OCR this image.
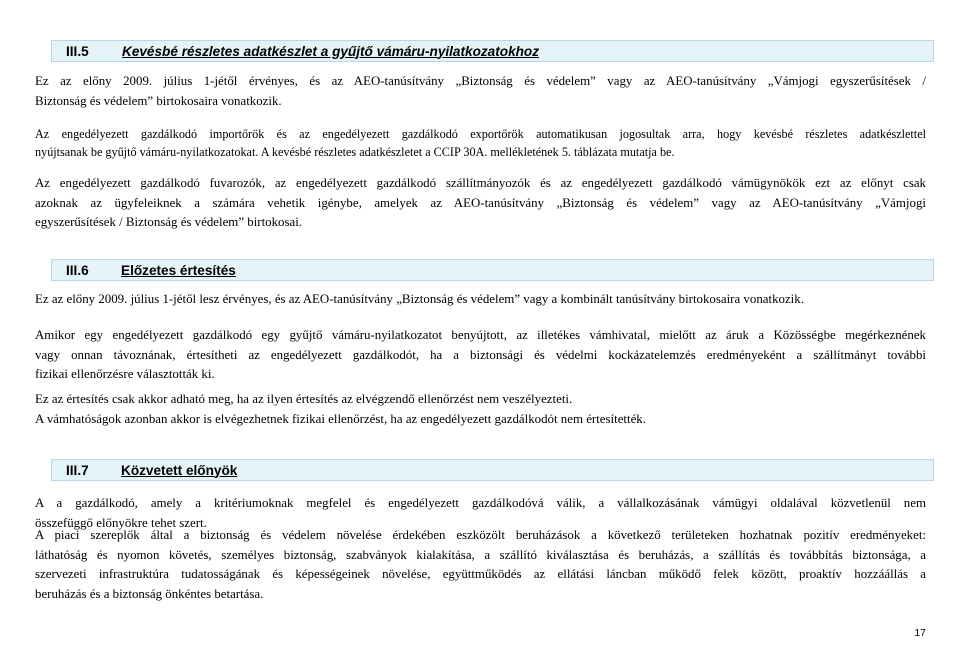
III.5 Kevésbé részletes adatkészlet a gyűjtő vámáru-nyilatkozatokhoz
Ez az előny 2009. július 1-jétől érvényes, és az AEO-tanúsítvány „Biztonság és védelem” vagy az AEO-tanúsítvány „Vámjogi egyszerűsítések /
Biztonság és védelem” birtokosaira vonatkozik.
Az engedélyezett gazdálkodó importőrök és az engedélyezett gazdálkodó exportőrök automatikusan jogosultak arra, hogy kevésbé részletes adatkészlettel
nyújtsanak be gyűjtő vámáru-nyilatkozatokat. A kevésbé részletes adatkészletet a CCIP 30A. mellékletének 5. táblázata mutatja be.
Az engedélyezett gazdálkodó fuvarozók, az engedélyezett gazdálkodó szállítmányozók és az engedélyezett gazdálkodó vámügynökök ezt az előnyt csak
azoknak az ügyfeleiknek a számára vehetik igénybe, amelyek az AEO-tanúsítvány „Biztonság és védelem” vagy az AEO-tanúsítvány „Vámjogi
egyszerűsítések / Biztonság és védelem” birtokosai.
III.6 Előzetes értesítés
Ez az előny 2009. július 1-jétől lesz érvényes, és az AEO-tanúsítvány „Biztonság és védelem” vagy a kombinált tanúsítvány birtokosaira vonatkozik.
Amikor egy engedélyezett gazdálkodó egy gyűjtő vámáru-nyilatkozatot benyújtott, az illetékes vámhivatal, mielőtt az áruk a Közösségbe megérkeznének
vagy onnan távoznának, értesítheti az engedélyezett gazdálkodót, ha a biztonsági és védelmi kockázatelemzés eredményeként a szállítmányt további
fizikai ellenőrzésre választották ki.
Ez az értesítés csak akkor adható meg, ha az ilyen értesítés az elvégzendő ellenőrzést nem veszélyezteti.
A vámhatóságok azonban akkor is elvégezhetnek fizikai ellenőrzést, ha az engedélyezett gazdálkodót nem értesítették.
III.7 Közvetett előnyök
A a gazdálkodó, amely a kritériumoknak megfelel és engedélyezett gazdálkodóvá válik, a vállalkozásának vámügyi oldalával közvetlenül nem
összefüggő előnyökre tehet szert.
A piaci szereplők által a biztonság és védelem növelése érdekében eszközölt beruházások a következő területeken hozhatnak pozitív eredményeket:
láthatóság és nyomon követés, személyes biztonság, szabványok kialakítása, a szállító kiválasztása és beruházás, a szállítás és továbbítás biztonsága, a
szervezeti infrastruktúra tudatosságának és képességeinek növelése, együttműködés az ellátási láncban működő felek között, proaktív hozzáállás a
beruházás és a biztonság önkéntes betartása.
17
